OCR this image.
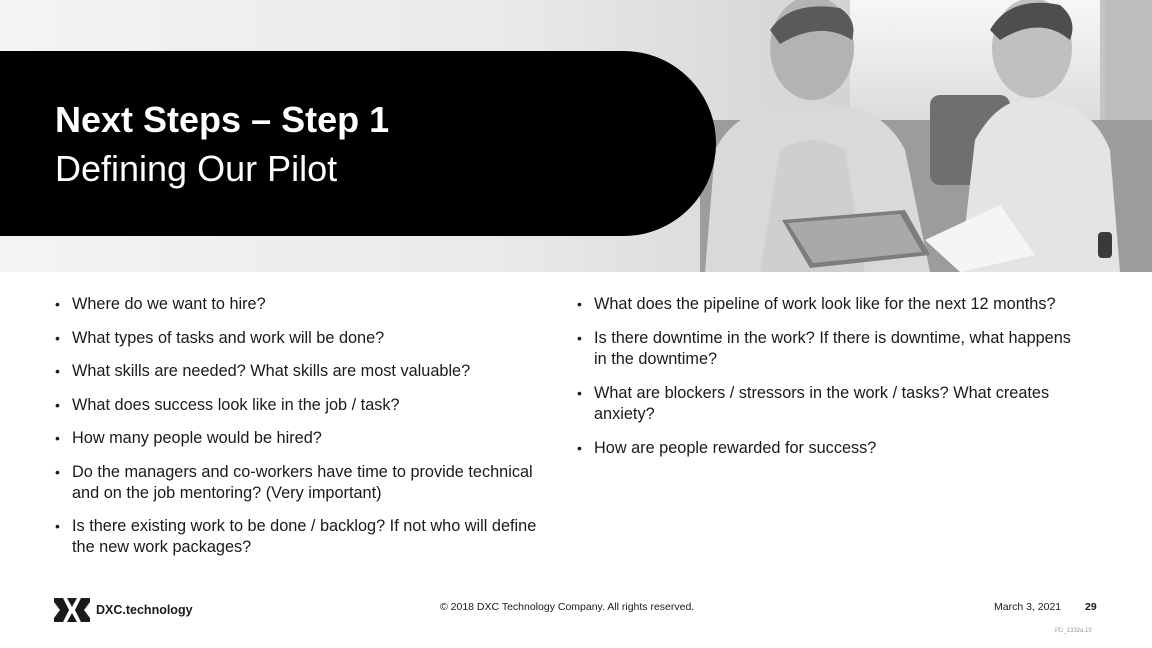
Next Steps – Step 1
Defining Our Pilot
• Where do we want to hire?
• What types of tasks and work will be done?
• What skills are needed? What skills are most valuable?
• What does success look like in the job / task?
• How many people would be hired?
• Do the managers and co-workers have time to provide technical and on the job mentoring? (Very important)
• Is there existing work to be done / backlog? If not who will define the new work packages?
• What does the pipeline of work look like for the next 12 months?
• Is there downtime in the work? If there is downtime, what happens in the downtime?
• What are blockers / stressors in the work / tasks? What creates anxiety?
• How are people rewarded for success?
DXC.technology	© 2018 DXC Technology Company. All rights reserved.	March 3, 2021 29
PD_1332a.19
